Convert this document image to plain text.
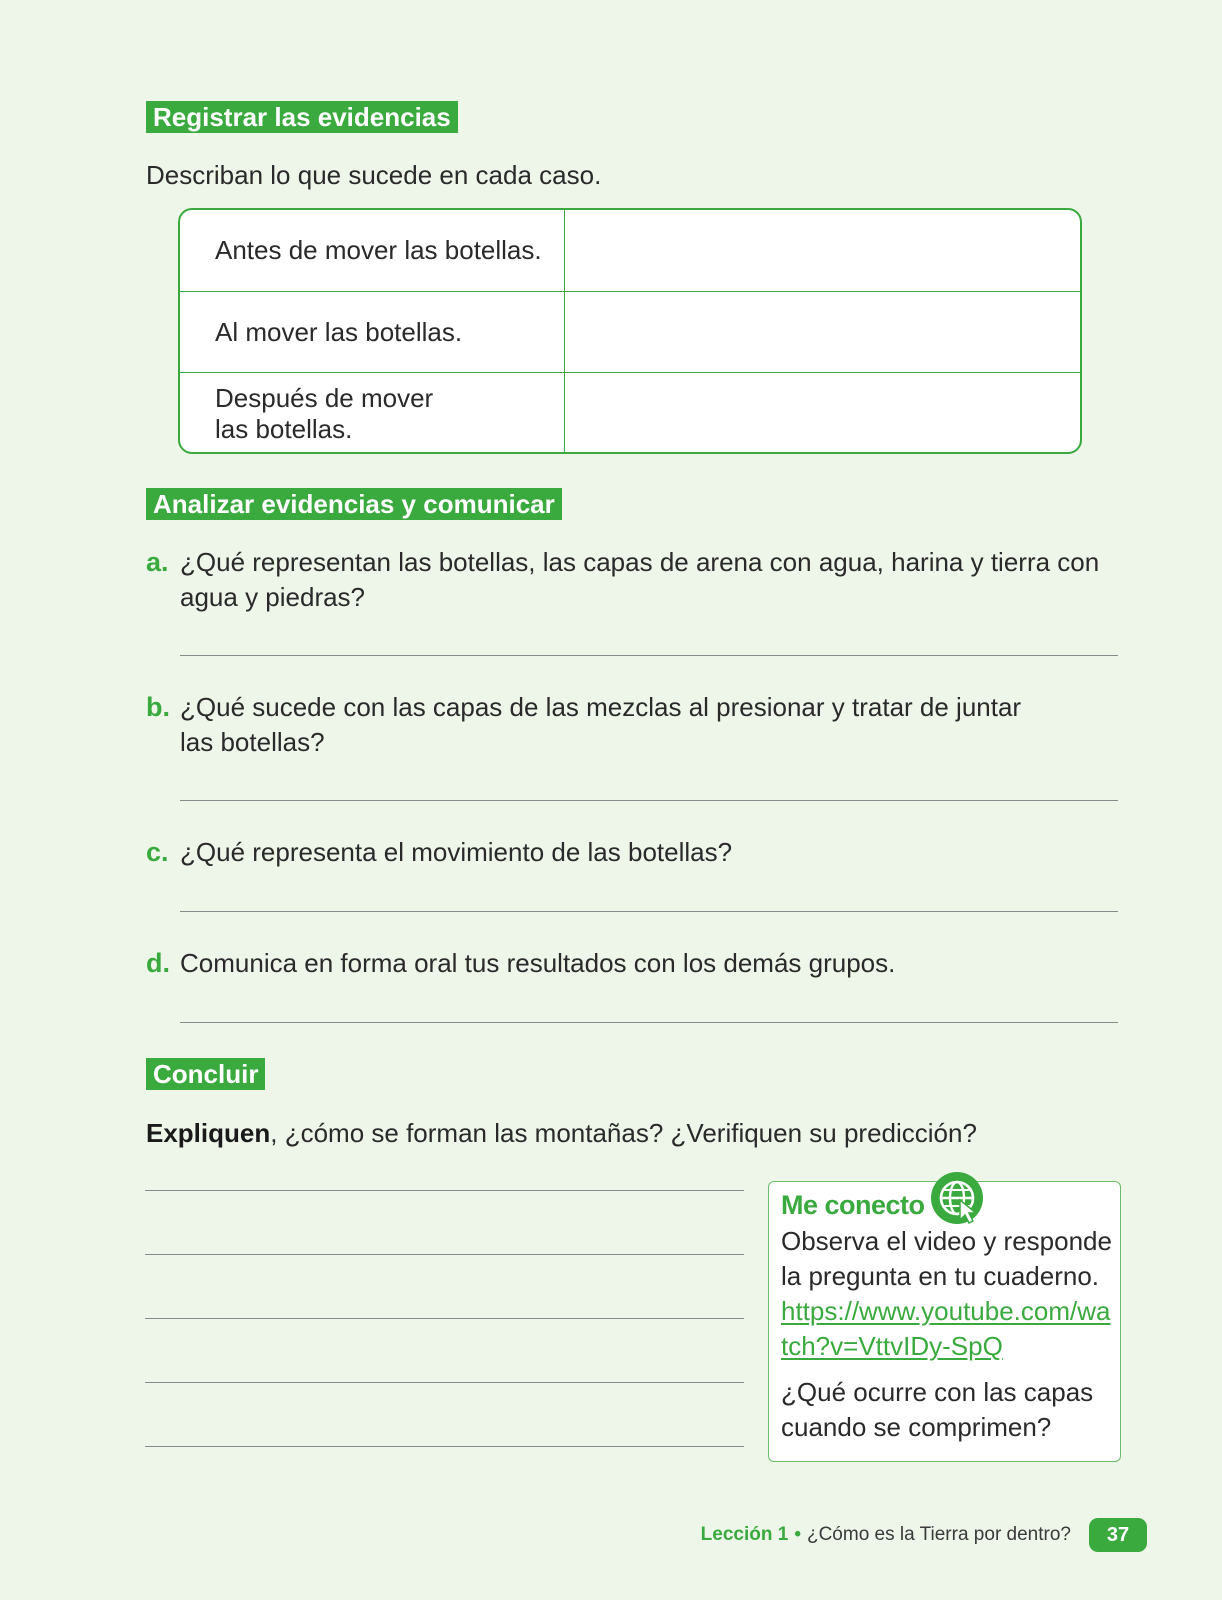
Registrar las evidencias
Describan lo que sucede en cada caso.
Antes de mover las botellas.
Al mover las botellas.
Después de mover
las botellas.
Analizar evidencias y comunicar
a. ¿Qué representan las botellas, las capas de arena con agua, harina y tierra con agua y piedras?
b. ¿Qué sucede con las capas de las mezclas al presionar y tratar de juntar
las botellas?
c. ¿Qué representa el movimiento de las botellas?
d. Comunica en forma oral tus resultados con los demás grupos.
Concluir
Expliquen, ¿cómo se forman las montañas? ¿Verifiquen su predicción?
Me conecto
Observa el video y responde la pregunta en tu cuaderno.
https://www.youtube.com/watch?v=VttvIDy-SpQ
¿Qué ocurre con las capas cuando se comprimen?
Lección 1 • ¿Cómo es la Tierra por dentro?	37
